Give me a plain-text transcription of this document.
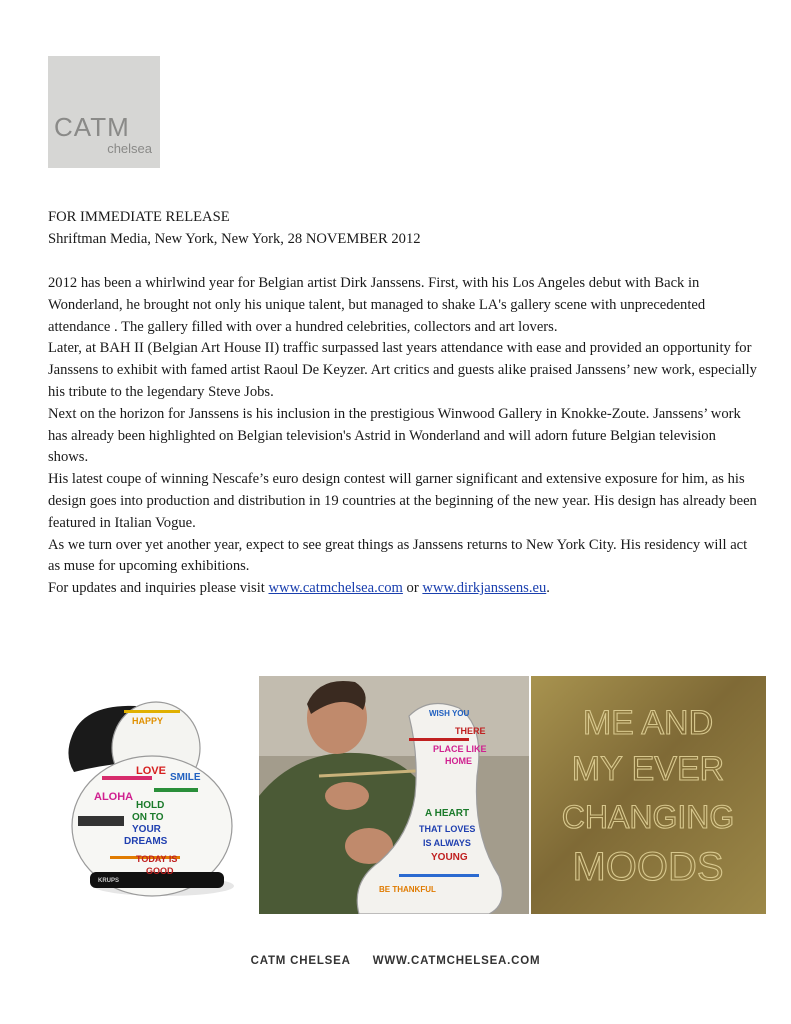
CATM
chelsea
FOR IMMEDIATE RELEASE
Shriftman Media, New York, New York, 28 NOVEMBER 2012

2012 has been a whirlwind year for Belgian artist Dirk Janssens. First, with his Los Angeles debut with Back in Wonderland, he brought not only his unique talent, but managed to shake LA's gallery scene with unprecedented attendance . The gallery filled with over a hundred celebrities, collectors and art lovers.

Later, at BAH II (Belgian Art House II) traffic surpassed last years attendance with ease and provided an opportunity for Janssens to exhibit with famed artist Raoul De Keyzer. Art critics and guests alike praised Janssens’ new work, especially his tribute to the legendary Steve Jobs.

Next on the horizon for Janssens is his inclusion in the prestigious Winwood Gallery in Knokke-Zoute. Janssens’ work has already been highlighted on Belgian television's Astrid in Wonderland and will adorn future Belgian television shows.

His latest coupe of winning Nescafe’s euro design contest will garner significant and extensive exposure for him, as his design goes into production and distribution in 19 countries at the beginning of the new year. His design has already been featured in Italian Vogue.

As we turn over yet another year, expect to see great things as Janssens returns to New York City. His residency will act as muse for upcoming exhibitions.

For updates and inquiries please visit www.catmchelsea.com or www.dirkjanssens.eu.

HAPPY
LOVE
SMILE
ALOHA
HOLD
ON TO
YOUR
DREAMS
TODAY IS
GOOD
KRUPS
WISH YOU
THERE
PLACE LIKE
HOME
A HEART
THAT LOVES
IS ALWAYS
YOUNG
BE THANKFUL
ME AND
MY EVER
CHANGING
MOODS
CATM CHELSEA WWW.CATMCHELSEA.COM
